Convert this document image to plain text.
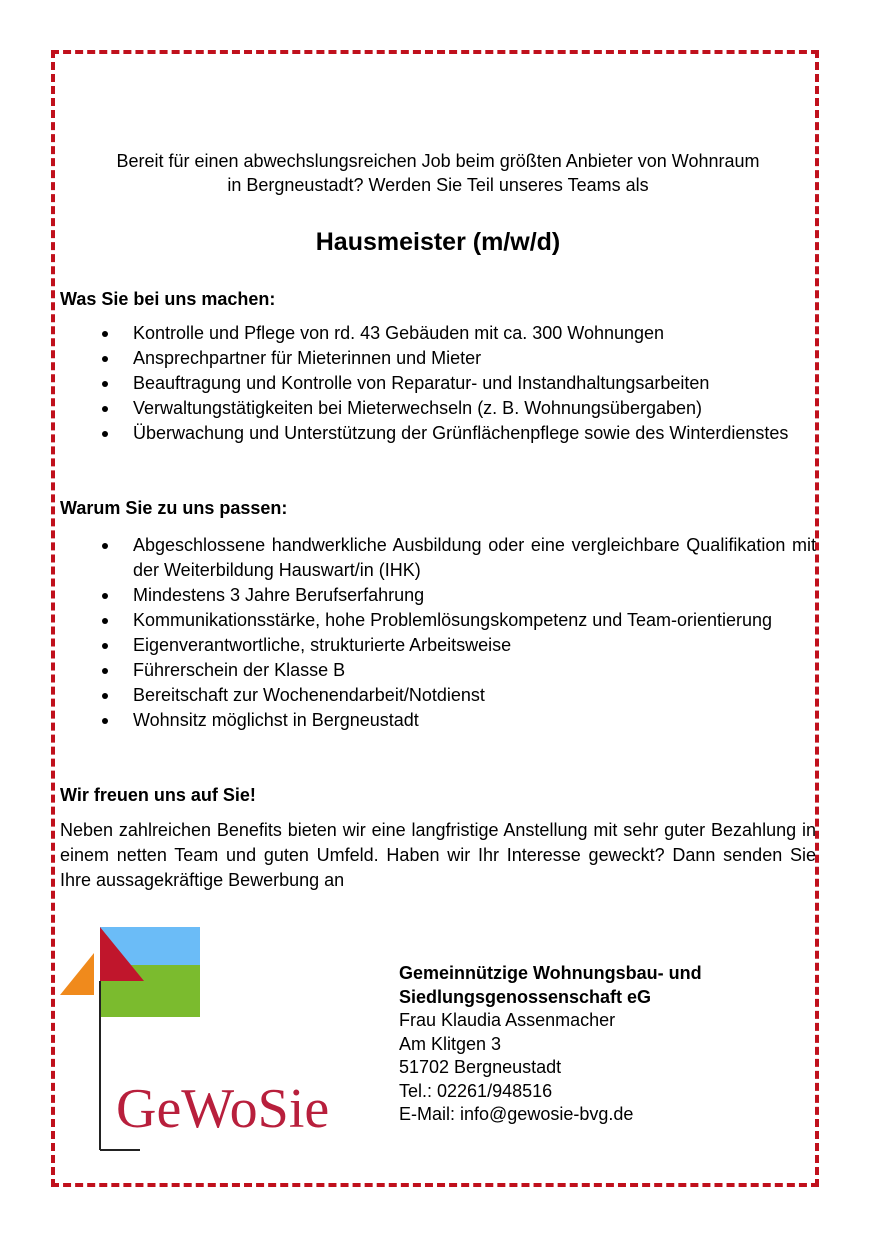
Bereit für einen abwechslungsreichen Job beim größten Anbieter von Wohnraum
in Bergneustadt? Werden Sie Teil unseres Teams als
Hausmeister (m/w/d)
Was Sie bei uns machen:
Kontrolle und Pflege von rd. 43 Gebäuden mit ca. 300 Wohnungen
Ansprechpartner für Mieterinnen und Mieter
Beauftragung und Kontrolle von Reparatur- und Instandhaltungsarbeiten
Verwaltungstätigkeiten bei Mieterwechseln (z. B. Wohnungsübergaben)
Überwachung und Unterstützung der Grünflächenpflege sowie des Winterdienstes
Warum Sie zu uns passen:
Abgeschlossene handwerkliche Ausbildung oder eine vergleichbare Qualifikation mit der Weiterbildung Hauswart/in (IHK)
Mindestens 3 Jahre Berufserfahrung
Kommunikationsstärke, hohe Problemlösungskompetenz und Team-orientierung
Eigenverantwortliche, strukturierte Arbeitsweise
Führerschein der Klasse B
Bereitschaft zur Wochenendarbeit/Notdienst
Wohnsitz möglichst in Bergneustadt
Wir freuen uns auf Sie!
Neben zahlreichen Benefits bieten wir eine langfristige Anstellung mit sehr guter Bezahlung in einem netten Team und guten Umfeld. Haben wir Ihr Interesse geweckt? Dann senden Sie Ihre aussagekräftige Bewerbung an
GeWoSie
Gemeinnützige Wohnungsbau- und
Siedlungsgenossenschaft eG
Frau Klaudia Assenmacher
Am Klitgen 3
51702 Bergneustadt
Tel.: 02261/948516
E-Mail: info@gewosie-bvg.de
